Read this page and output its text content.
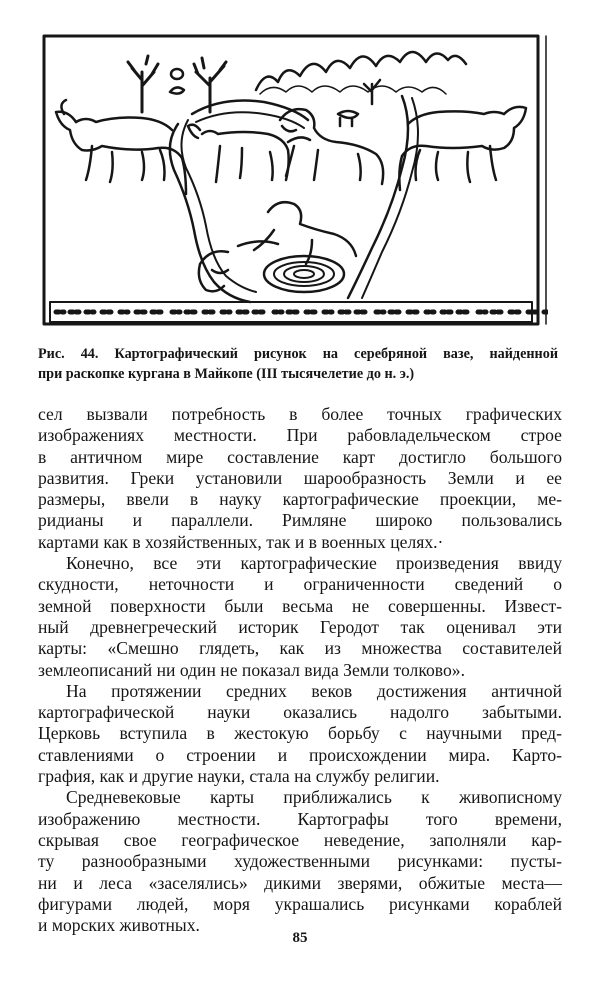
Рис. 44. Картографический рисунок на серебряной вазе, найденной
при раскопке кургана в Майкопе (III тысячелетие до н. э.)

сел вызвали потребность в более точных графических
изображениях местности. При рабовладельческом строе
в античном мире составление карт достигло большого
развития. Греки установили шарообразность Земли и ее
размеры, ввели в науку картографические проекции, ме-
ридианы и параллели. Римляне широко пользовались
картами как в хозяйственных, так и в военных целях.·

Конечно, все эти картографические произведения ввиду
скудности, неточности и ограниченности сведений о
земной поверхности были весьма не совершенны. Извест-
ный древнегреческий историк Геродот так оценивал эти
карты: «Смешно глядеть, как из множества составителей
землеописаний ни один не показал вида Земли толково».

На протяжении средних веков достижения античной
картографической науки оказались надолго забытыми.
Церковь вступила в жестокую борьбу с научными пред-
ставлениями о строении и происхождении мира. Карто-
графия, как и другие науки, стала на службу религии.

Средневековые карты приближались к живописному
изображению местности. Картографы того времени,
скрывая свое географическое неведение, заполняли кар-
ту разнообразными художественными рисунками: пусты-
ни и леса «заселялись» дикими зверями, обжитые места—
фигурами людей, моря украшались рисунками кораблей
и морских животных.

85
